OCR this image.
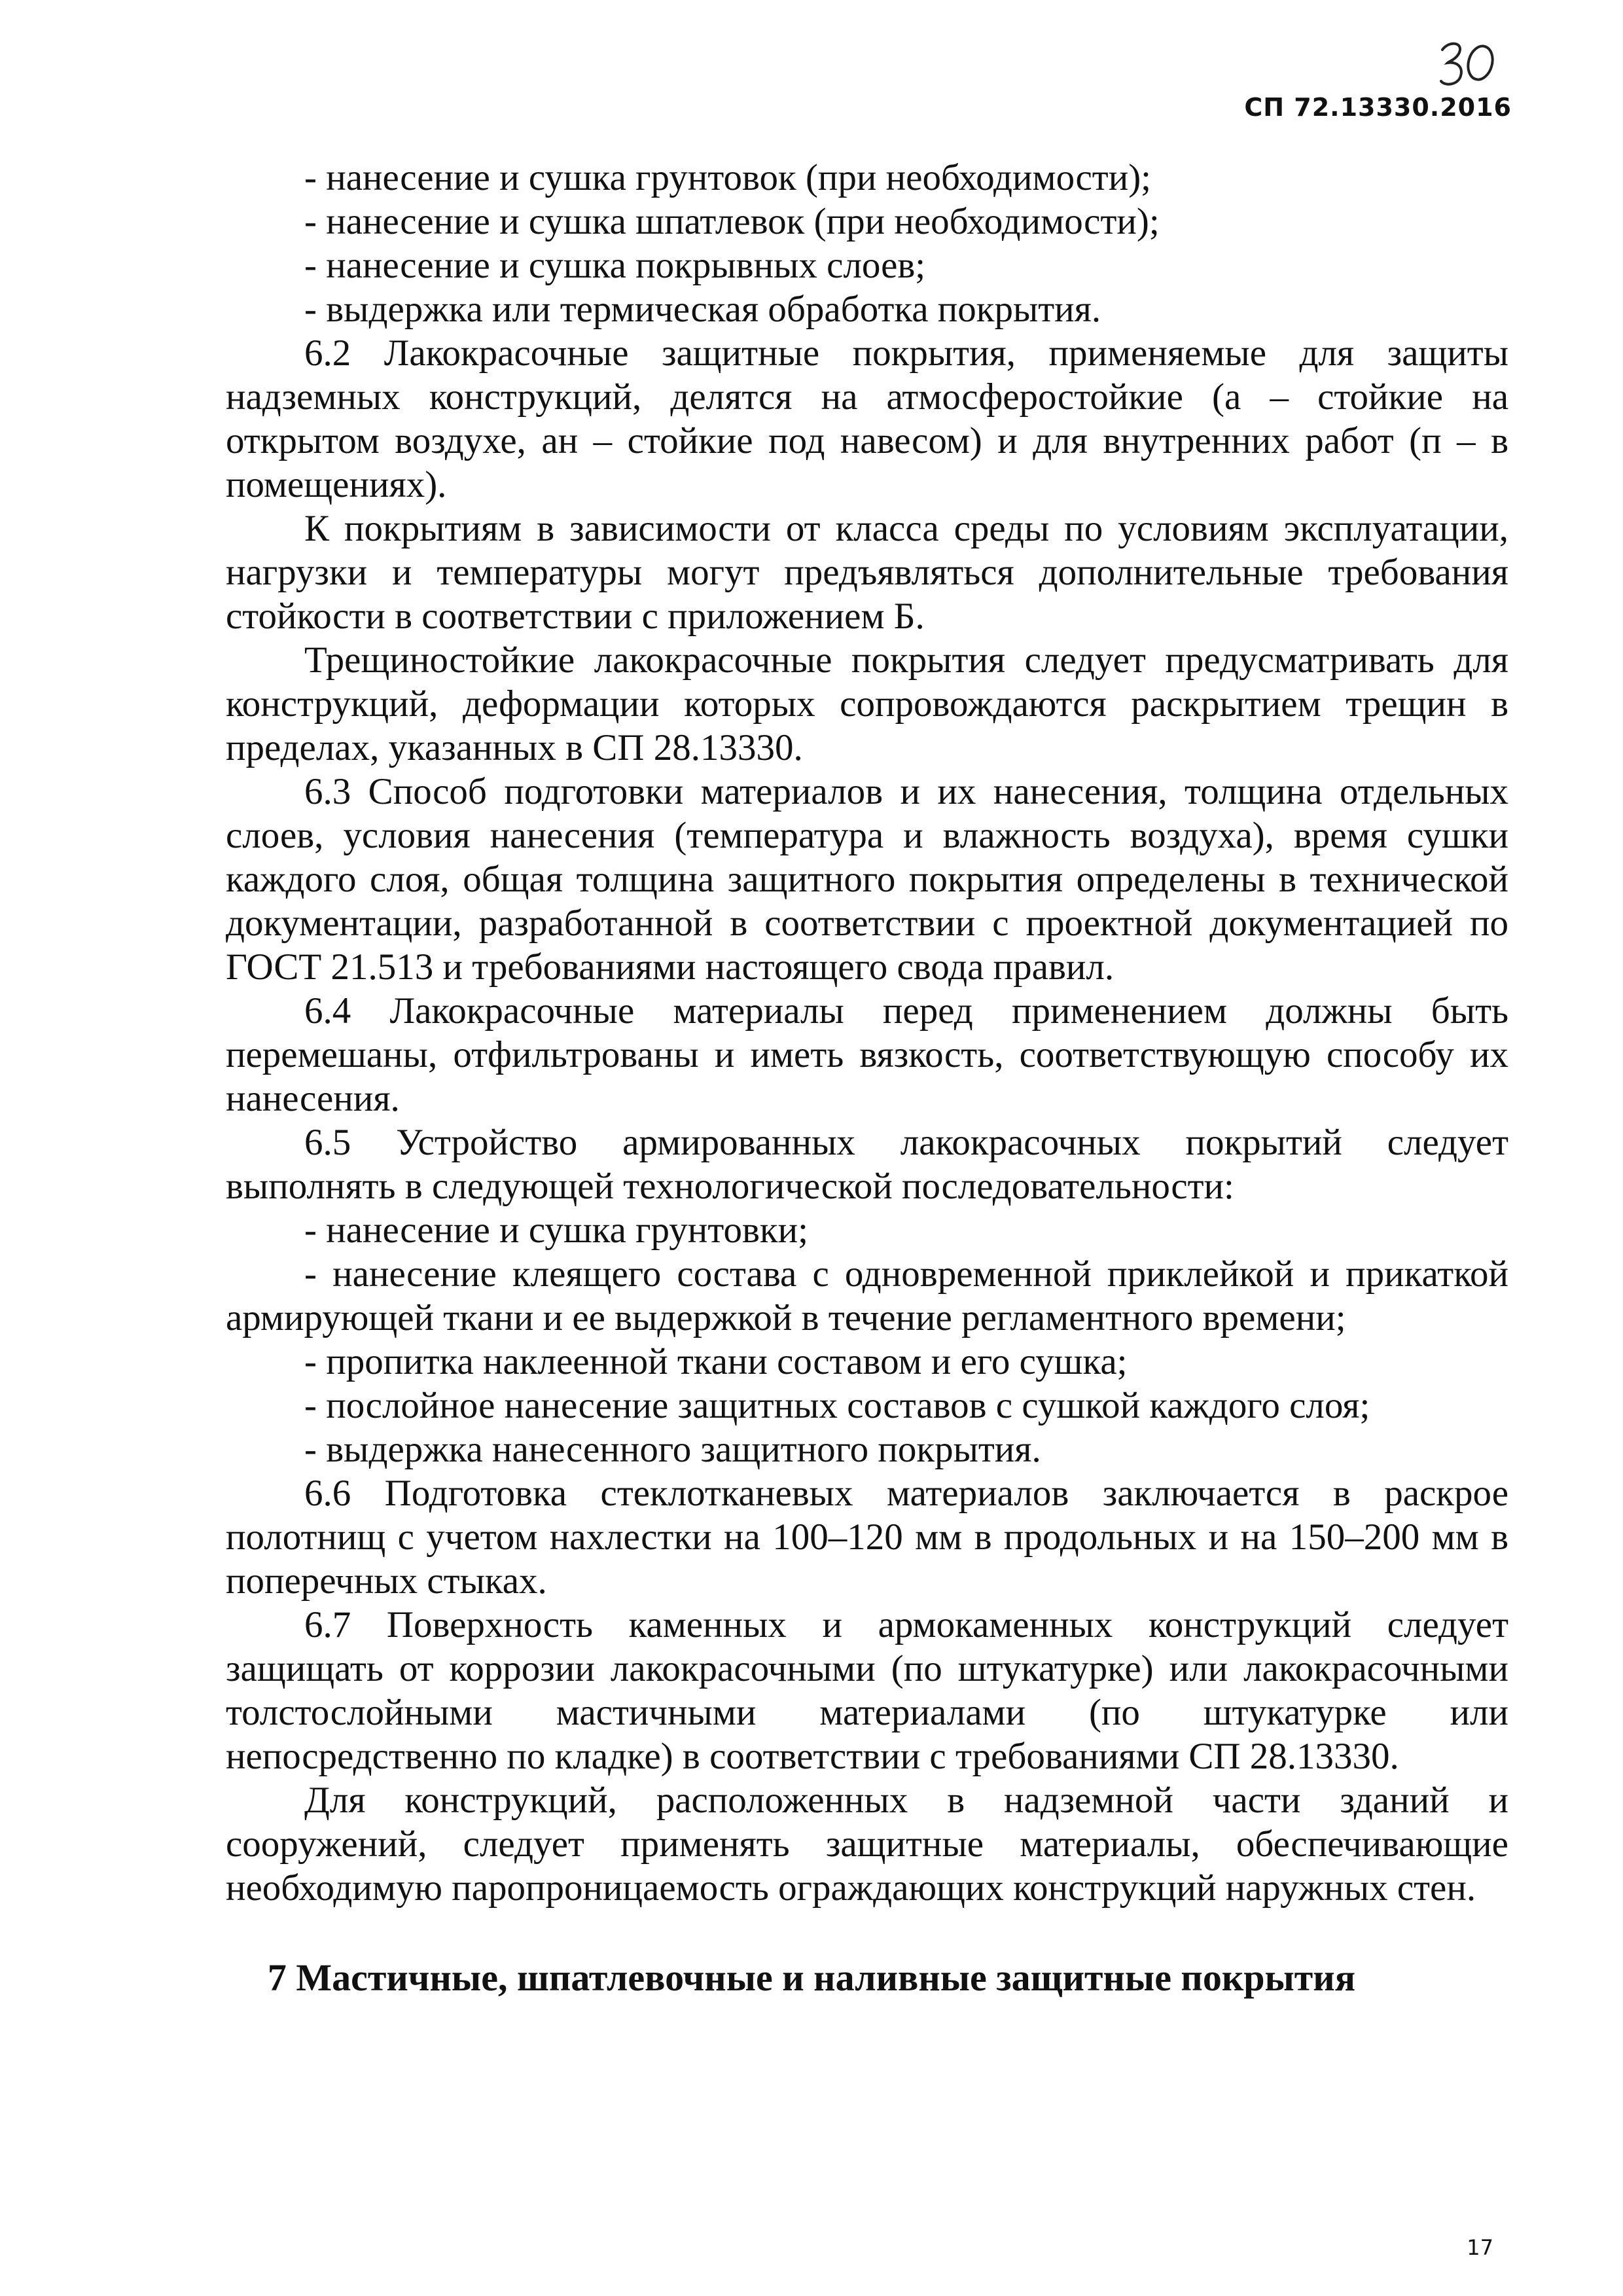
СП 72.13330.2016

- нанесение и сушка грунтовок (при необходимости);

- нанесение и сушка шпатлевок (при необходимости);

- нанесение и сушка покрывных слоев;

- выдержка или термическая обработка покрытия.

6.2 Лакокрасочные защитные покрытия, применяемые для защиты надземных конструкций, делятся на атмосферостойкие (а – стойкие на открытом воздухе, ан – стойкие под навесом) и для внутренних работ (п – в помещениях).

К покрытиям в зависимости от класса среды по условиям эксплуатации, нагрузки и температуры могут предъявляться дополнительные требования стойкости в соответствии с приложением Б.

Трещиностойкие лакокрасочные покрытия следует предусматривать для конструкций, деформации которых сопровождаются раскрытием трещин в пределах, указанных в СП 28.13330.

6.3 Способ подготовки материалов и их нанесения, толщина отдельных слоев, условия нанесения (температура и влажность воздуха), время сушки каждого слоя, общая толщина защитного покрытия определены в технической документации, разработанной в соответствии с проектной документацией по ГОСТ 21.513 и требованиями настоящего свода правил.

6.4 Лакокрасочные материалы перед применением должны быть перемешаны, отфильтрованы и иметь вязкость, соответствующую способу их нанесения.

6.5 Устройство армированных лакокрасочных покрытий следует выполнять в следующей технологической последовательности:

- нанесение и сушка грунтовки;

- нанесение клеящего состава с одновременной приклейкой и прикаткой армирующей ткани и ее выдержкой в течение регламентного времени;

- пропитка наклеенной ткани составом и его сушка;

- послойное нанесение защитных составов с сушкой каждого слоя;

- выдержка нанесенного защитного покрытия.

6.6 Подготовка стеклотканевых материалов заключается в раскрое полотнищ с учетом нахлестки на 100–120 мм в продольных и на 150–200 мм в поперечных стыках.

6.7 Поверхность каменных и армокаменных конструкций следует защищать от коррозии лакокрасочными (по штукатурке) или лакокрасочными толстослойными мастичными материалами (по штукатурке или непосредственно по кладке) в соответствии с требованиями СП 28.13330.

Для конструкций, расположенных в надземной части зданий и сооружений, следует применять защитные материалы, обеспечивающие необходимую паропроницаемость ограждающих конструкций наружных стен.

7 Мастичные, шпатлевочные и наливные защитные покрытия
17
